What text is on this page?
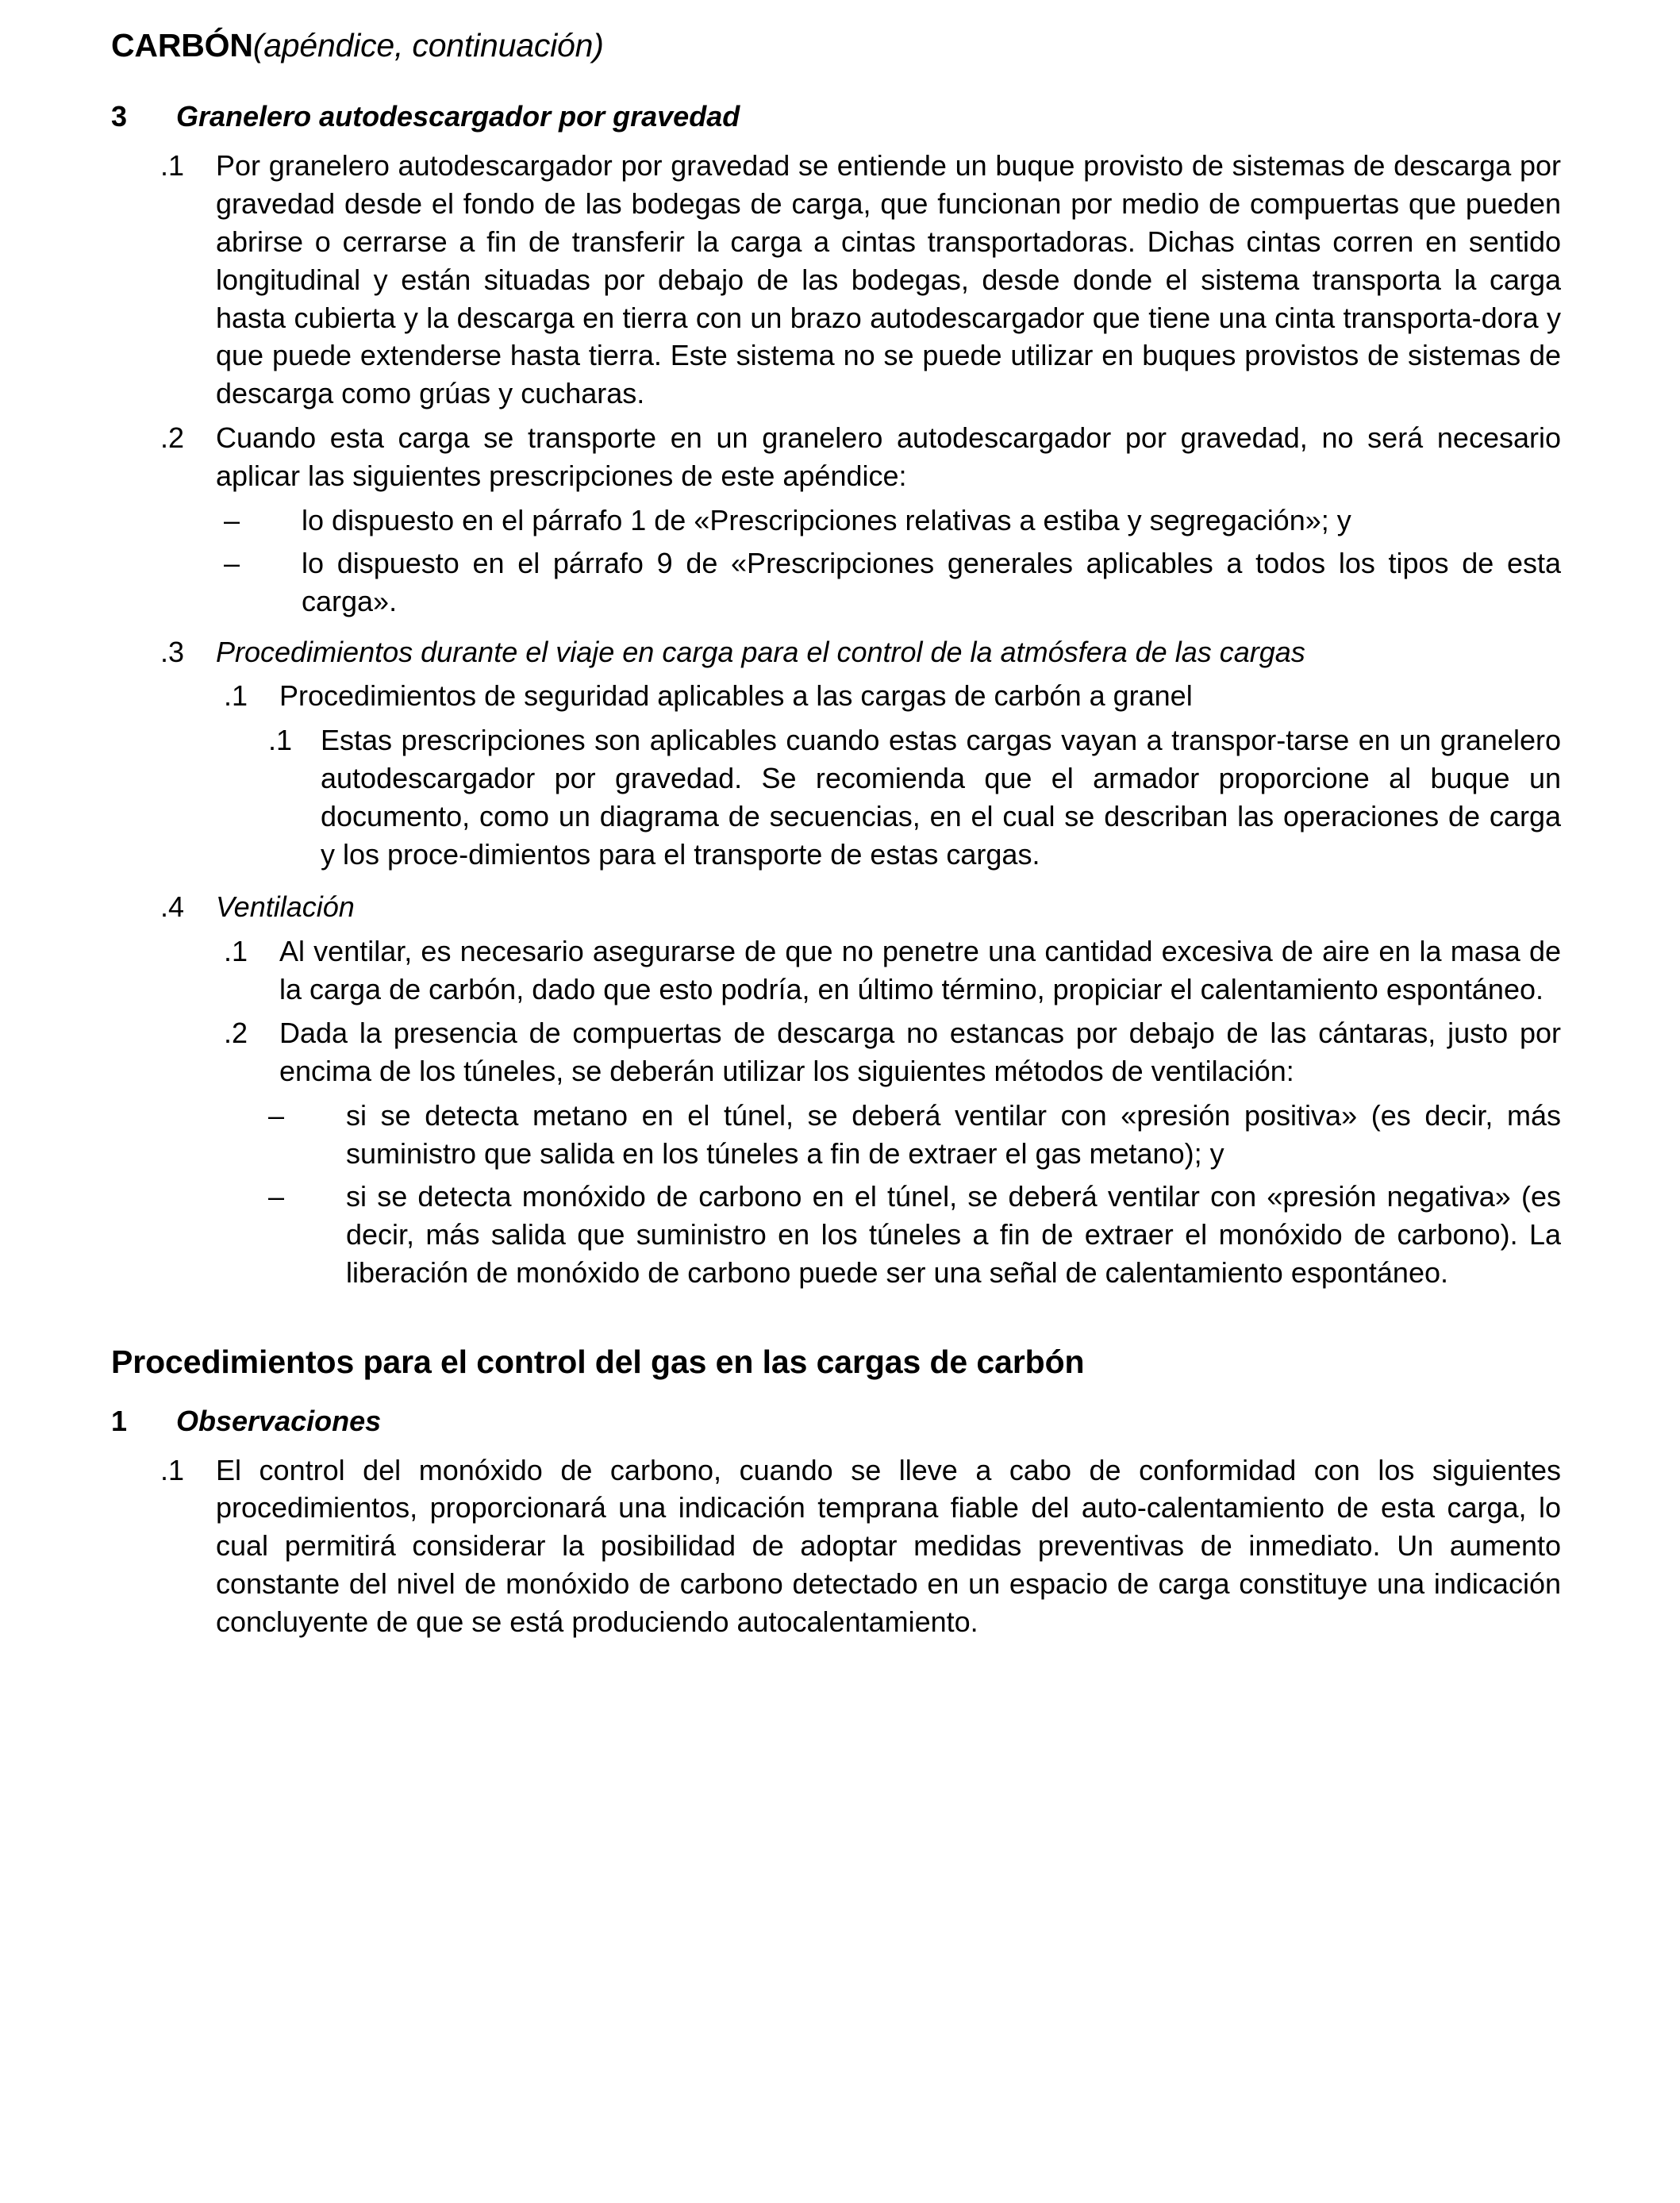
CARBÓN(apéndice, continuación)
3	Granelero autodescargador por gravedad
.1	Por granelero autodescargador por gravedad se entiende un buque provisto de sistemas de descarga por gravedad desde el fondo de las bodegas de carga, que funcionan por medio de compuertas que pueden abrirse o cerrarse a fin de transferir la carga a cintas transportadoras. Dichas cintas corren en sentido longitudinal y están situadas por debajo de las bodegas, desde donde el sistema transporta la carga hasta cubierta y la descarga en tierra con un brazo autodescargador que tiene una cinta transporta-dora y que puede extenderse hasta tierra. Este sistema no se puede utilizar en buques provistos de sistemas de descarga como grúas y cucharas.
.2	Cuando esta carga se transporte en un granelero autodescargador por gravedad, no será necesario aplicar las siguientes prescripciones de este apéndice:
–	lo dispuesto en el párrafo 1 de «Prescripciones relativas a estiba y segregación»; y
–	lo dispuesto en el párrafo 9 de «Prescripciones generales aplicables a todos los tipos de esta carga».
.3	Procedimientos durante el viaje en carga para el control de la atmósfera de las cargas
.1	Procedimientos de seguridad aplicables a las cargas de carbón a granel
.1 Estas prescripciones son aplicables cuando estas cargas vayan a transpor-tarse en un granelero autodescargador por gravedad. Se recomienda que el armador proporcione al buque un documento, como un diagrama de secuencias, en el cual se describan las operaciones de carga y los proce-dimientos para el transporte de estas cargas.
.4	Ventilación
.1	Al ventilar, es necesario asegurarse de que no penetre una cantidad excesiva de aire en la masa de la carga de carbón, dado que esto podría, en último término, propiciar el calentamiento espontáneo.
.2	Dada la presencia de compuertas de descarga no estancas por debajo de las cántaras, justo por encima de los túneles, se deberán utilizar los siguientes métodos de ventilación:
–	si se detecta metano en el túnel, se deberá ventilar con «presión positiva» (es decir, más suministro que salida en los túneles a fin de extraer el gas metano); y
–	si se detecta monóxido de carbono en el túnel, se deberá ventilar con «presión negativa» (es decir, más salida que suministro en los túneles a fin de extraer el monóxido de carbono). La liberación de monóxido de carbono puede ser una señal de calentamiento espontáneo.
Procedimientos para el control del gas en las cargas de carbón
1	Observaciones
.1	El control del monóxido de carbono, cuando se lleve a cabo de conformidad con los siguientes procedimientos, proporcionará una indicación temprana fiable del auto-calentamiento de esta carga, lo cual permitirá considerar la posibilidad de adoptar medidas preventivas de inmediato. Un aumento constante del nivel de monóxido de carbono detectado en un espacio de carga constituye una indicación concluyente de que se está produciendo autocalentamiento.
